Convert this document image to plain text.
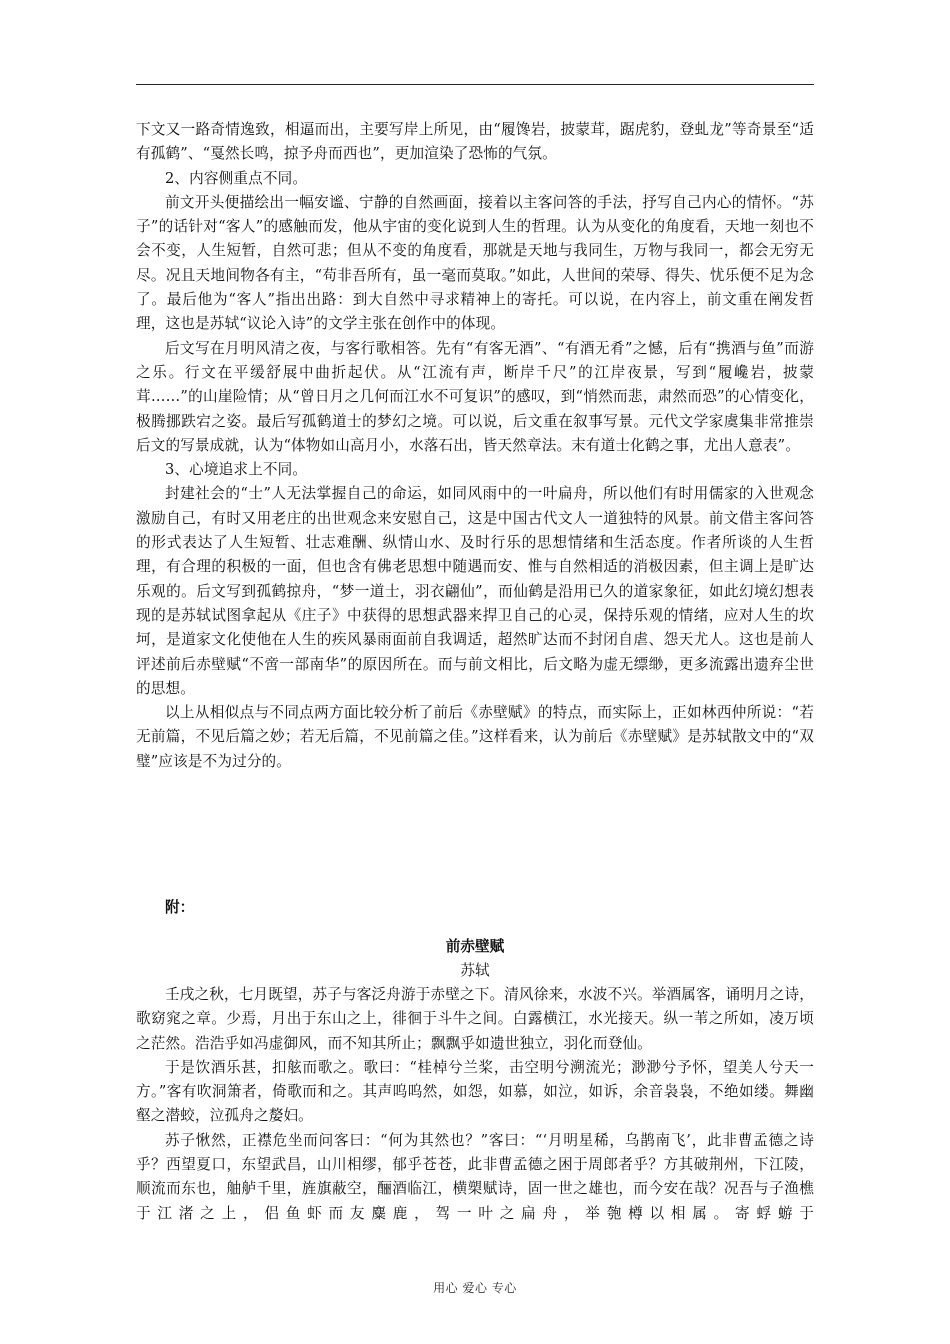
下文又一路奇情逸致，相逼而出，主要写岸上所见，由“履馋岩，披蒙茸，踞虎豹，登虬龙”等奇景至“适有孤鹤”、“戛然长鸣，掠予舟而西也”，更加渲染了恐怖的气氛。

2、内容侧重点不同。

前文开头便描绘出一幅安谧、宁静的自然画面，接着以主客问答的手法，抒写自己内心的情怀。“苏子”的话针对“客人”的感触而发，他从宇宙的变化说到人生的哲理。认为从变化的角度看，天地一刻也不会不变，人生短暂，自然可悲；但从不变的角度看，那就是天地与我同生，万物与我同一，都会无穷无尽。况且天地间物各有主，“苟非吾所有，虽一毫而莫取。”如此，人世间的荣辱、得失、忧乐便不足为念了。最后他为“客人”指出出路：到大自然中寻求精神上的寄托。可以说，在内容上，前文重在阐发哲理，这也是苏轼“议论入诗”的文学主张在创作中的体现。

后文写在月明风清之夜，与客行歌相答。先有“有客无酒”、“有酒无肴”之憾，后有“携酒与鱼”而游之乐。行文在平缓舒展中曲折起伏。从“江流有声，断岸千尺”的江岸夜景，写到“履巉岩，披蒙茸……”的山崖险情；从“曾日月之几何而江水不可复识”的感叹，到“悄然而悲，肃然而恐”的心情变化，极腾挪跌宕之姿。最后写孤鹤道士的梦幻之境。可以说，后文重在叙事写景。元代文学家虞集非常推崇后文的写景成就，认为“体物如山高月小，水落石出，皆天然章法。末有道士化鹤之事，尤出人意表”。

3、心境追求上不同。

封建社会的“士”人无法掌握自己的命运，如同风雨中的一叶扁舟，所以他们有时用儒家的入世观念激励自己，有时又用老庄的出世观念来安慰自己，这是中国古代文人一道独特的风景。前文借主客问答的形式表达了人生短暂、壮志难酬、纵情山水、及时行乐的思想情绪和生活态度。作者所谈的人生哲理，有合理的积极的一面，但也含有佛老思想中随遇而安、惟与自然相适的消极因素，但主调上是旷达乐观的。后文写到孤鹤掠舟，“梦一道士，羽衣翩仙”，而仙鹤是沿用已久的道家象征，如此幻境幻想表现的是苏轼试图拿起从《庄子》中获得的思想武器来捍卫自己的心灵，保持乐观的情绪，应对人生的坎坷，是道家文化使他在人生的疾风暴雨面前自我调适，超然旷达而不封闭自虐、怨天尤人。这也是前人评述前后赤壁赋“不啻一部南华”的原因所在。而与前文相比，后文略为虚无缥缈，更多流露出遗弃尘世的思想。

以上从相似点与不同点两方面比较分析了前后《赤壁赋》的特点，而实际上，正如林西仲所说：“若无前篇，不见后篇之妙；若无后篇，不见前篇之佳。”这样看来，认为前后《赤壁赋》是苏轼散文中的“双璧”应该是不为过分的。

附：
前赤壁赋
苏轼

壬戌之秋，七月既望，苏子与客泛舟游于赤壁之下。清风徐来，水波不兴。举酒属客，诵明月之诗，歌窈窕之章。少焉，月出于东山之上，徘徊于斗牛之间。白露横江，水光接天。纵一苇之所如，凌万顷之茫然。浩浩乎如冯虚御风，而不知其所止；飘飘乎如遗世独立，羽化而登仙。

于是饮酒乐甚，扣舷而歌之。歌曰：“桂棹兮兰桨，击空明兮溯流光；渺渺兮予怀，望美人兮天一方。”客有吹洞箫者，倚歌而和之。其声呜呜然，如怨，如慕，如泣，如诉，余音袅袅，不绝如缕。舞幽壑之潜蛟，泣孤舟之嫠妇。

苏子愀然，正襟危坐而问客曰：“何为其然也？”客曰：“‘月明星稀，乌鹊南飞’，此非曹孟德之诗乎？西望夏口，东望武昌，山川相缪，郁乎苍苍，此非曹孟德之困于周郎者乎？方其破荆州，下江陵，顺流而东也，舳舻千里，旌旗蔽空，酾酒临江，横槊赋诗，固一世之雄也，而今安在哉？况吾与子渔樵于江渚之上，侣鱼虾而友麋鹿，驾一叶之扁舟，举匏樽以相属。寄蜉蝣于

用心 爱心 专心
